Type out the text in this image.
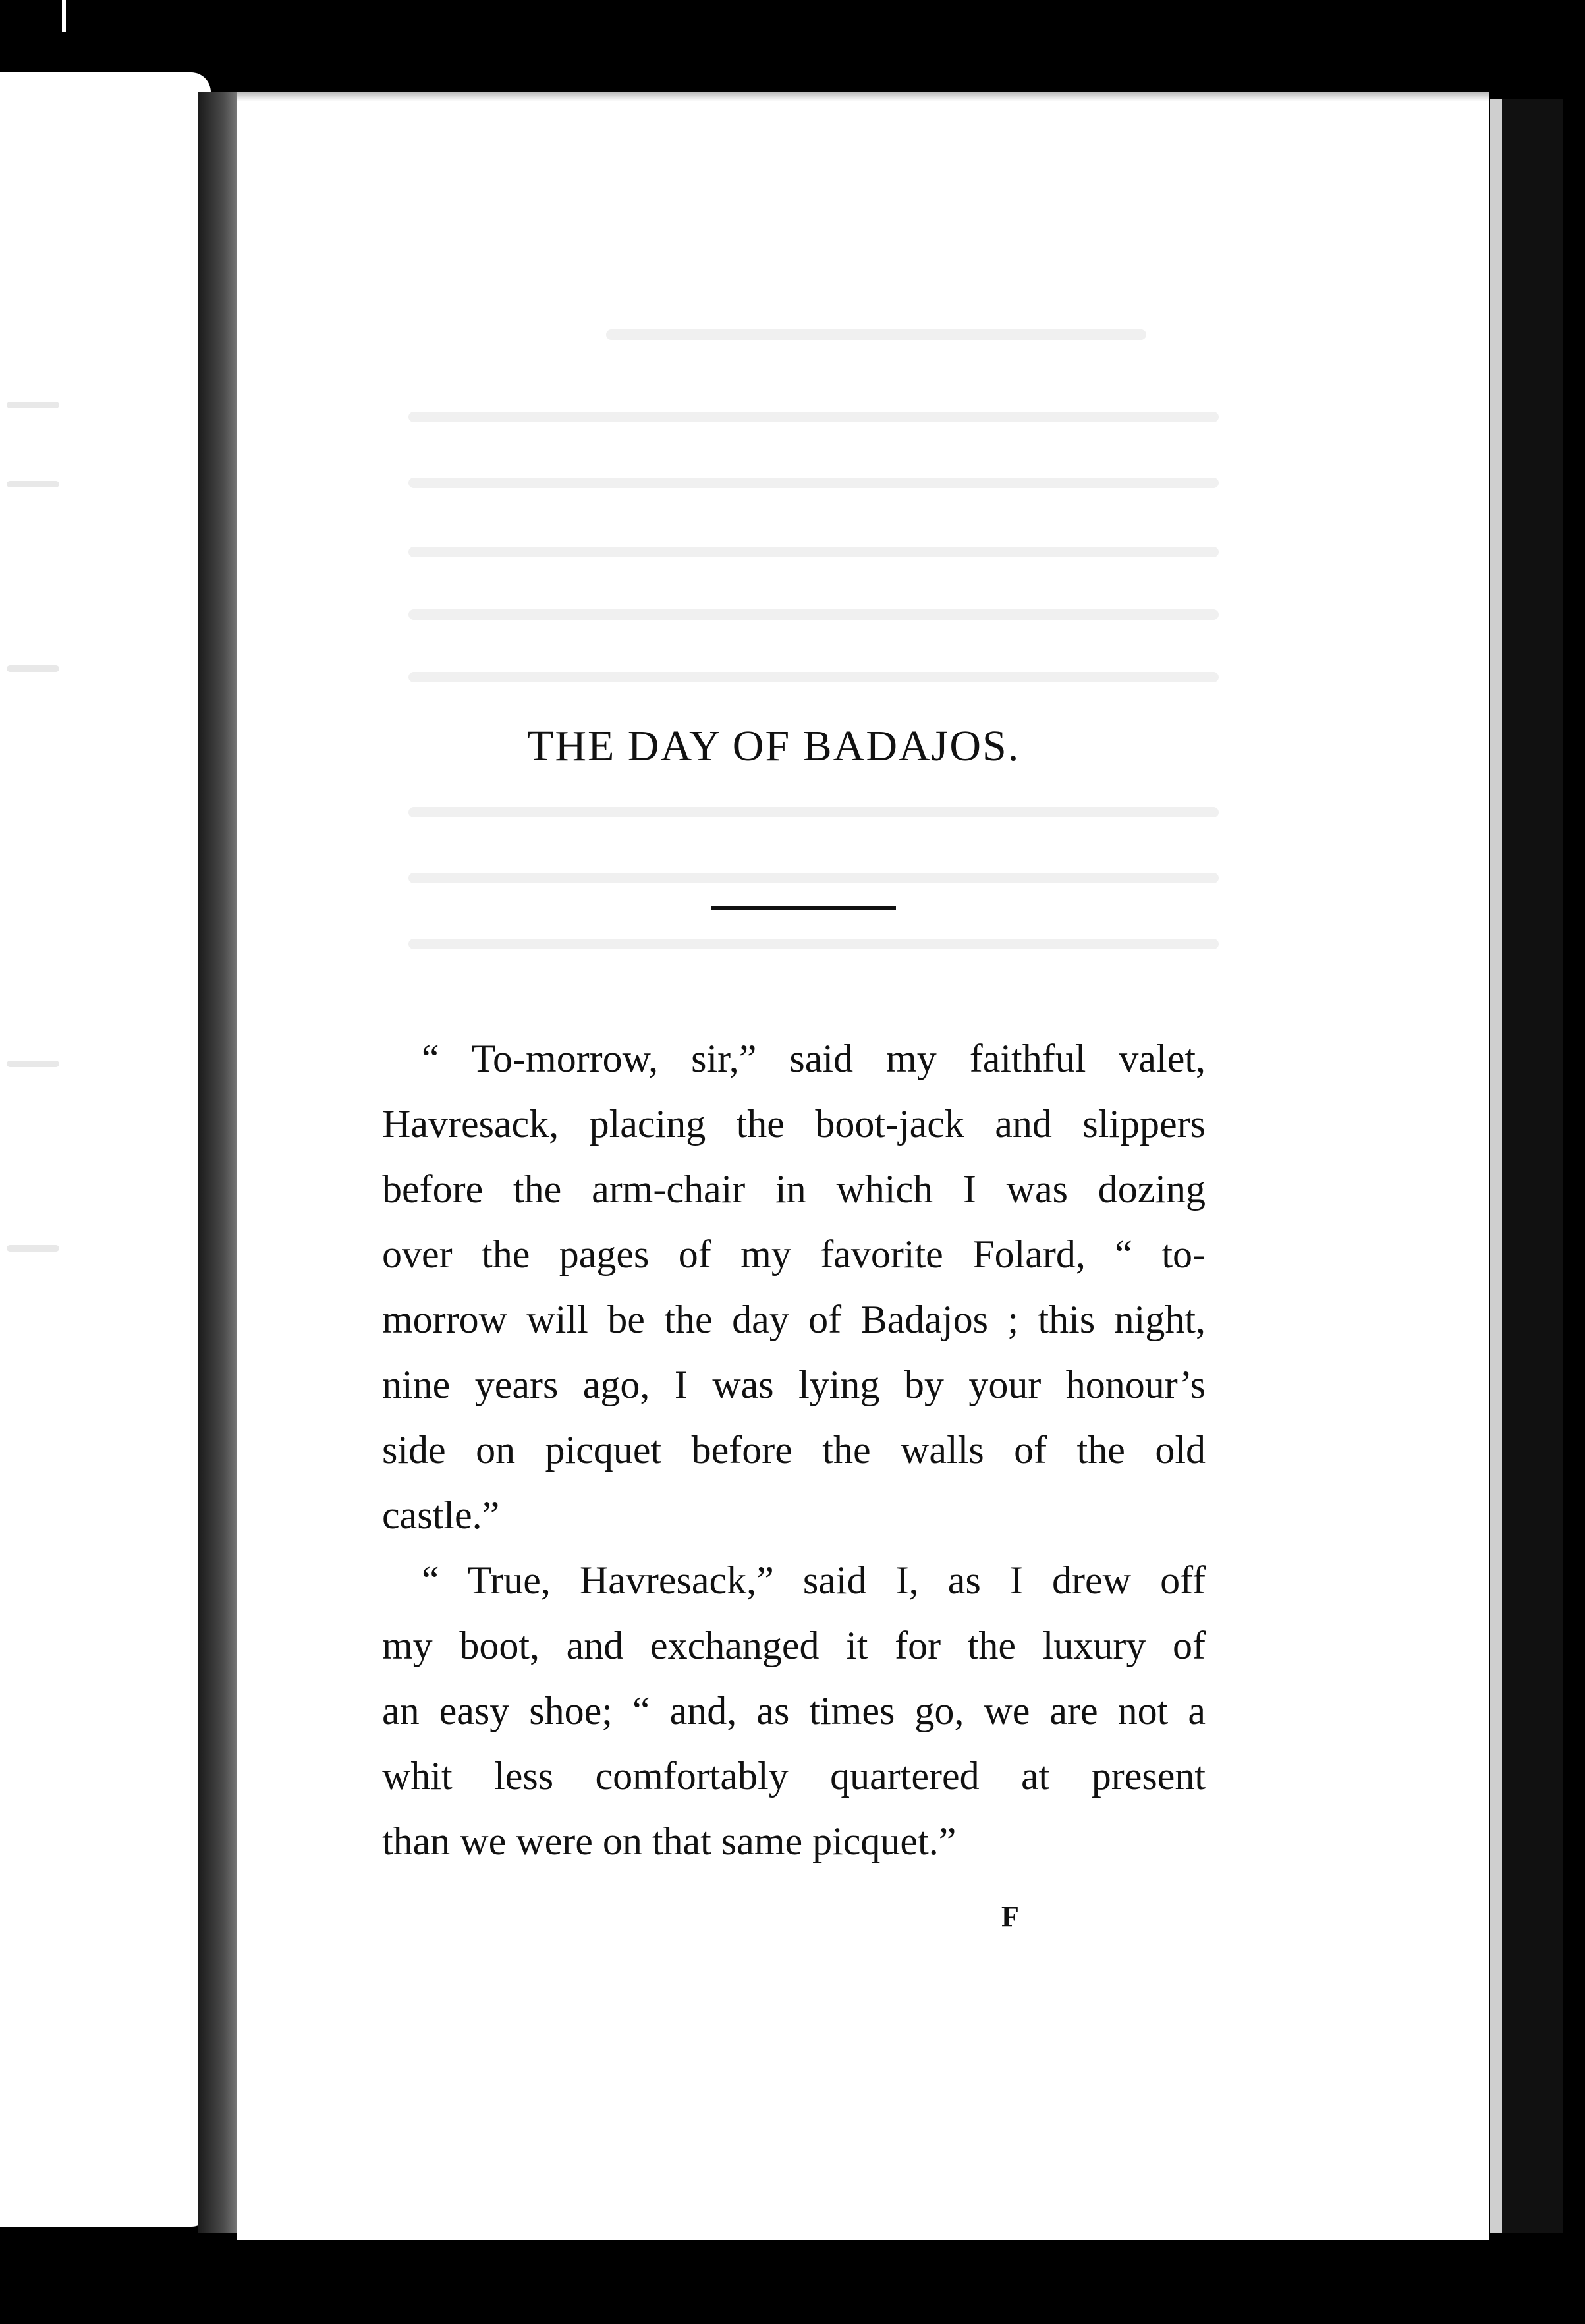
THE DAY OF BADAJOS.
“ To-morrow, sir,” said my faithful valet,
Havresack, placing the boot-jack and slippers
before the arm-chair in which I was dozing
over the pages of my favorite Folard, “ to-
morrow will be the day of Badajos ; this night,
nine years ago, I was lying by your honour’s
side on picquet before the walls of the old
castle.”
“ True, Havresack,” said I, as I drew off
my boot, and exchanged it for the luxury of
an easy shoe; “ and, as times go, we are not a
whit less comfortably quartered at present
than we were on that same picquet.”
F
